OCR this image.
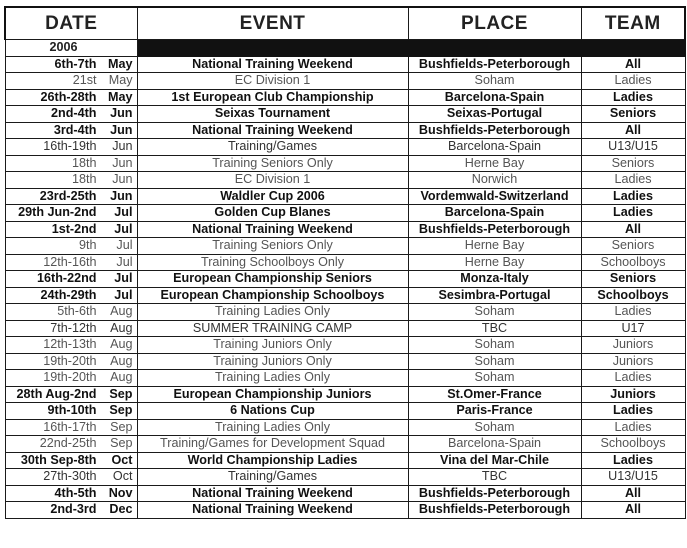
DATE	EVENT	PLACE	TEAM
2006			

6th-7th May	National Training Weekend	Bushfields-Peterborough	All

21st May	EC Division 1	Soham	Ladies

26th-28th May	1st European Club Championship	Barcelona-Spain	Ladies

2nd-4th Jun	Seixas Tournament	Seixas-Portugal	Seniors

3rd-4th Jun	National Training Weekend	Bushfields-Peterborough	All

16th-19th Jun	Training/Games	Barcelona-Spain	U13/U15

18th Jun	Training Seniors Only	Herne Bay	Seniors

18th Jun	EC Division 1	Norwich	Ladies

23rd-25th Jun	Waldler Cup 2006	Vordemwald-Switzerland	Ladies

29th Jun-2nd Jul	Golden Cup Blanes	Barcelona-Spain	Ladies

1st-2nd Jul	National Training Weekend	Bushfields-Peterborough	All

9th Jul	Training Seniors Only	Herne Bay	Seniors

12th-16th Jul	Training Schoolboys Only	Herne Bay	Schoolboys

16th-22nd Jul	European Championship Seniors	Monza-Italy	Seniors

24th-29th Jul	European Championship Schoolboys	Sesimbra-Portugal	Schoolboys

5th-6th Aug	Training Ladies Only	Soham	Ladies

7th-12th Aug	SUMMER TRAINING CAMP	TBC	U17

12th-13th Aug	Training Juniors Only	Soham	Juniors

19th-20th Aug	Training Juniors Only	Soham	Juniors

19th-20th Aug	Training Ladies Only	Soham	Ladies

28th Aug-2nd Sep	European Championship Juniors	St.Omer-France	Juniors

9th-10th Sep	6 Nations Cup	Paris-France	Ladies

16th-17th Sep	Training Ladies Only	Soham	Ladies

22nd-25th Sep	Training/Games for Development Squad	Barcelona-Spain	Schoolboys

30th Sep-8th Oct	World Championship Ladies	Vina del Mar-Chile	Ladies

27th-30th Oct	Training/Games	TBC	U13/U15

4th-5th Nov	National Training Weekend	Bushfields-Peterborough	All

2nd-3rd Dec	National Training Weekend	Bushfields-Peterborough	All
